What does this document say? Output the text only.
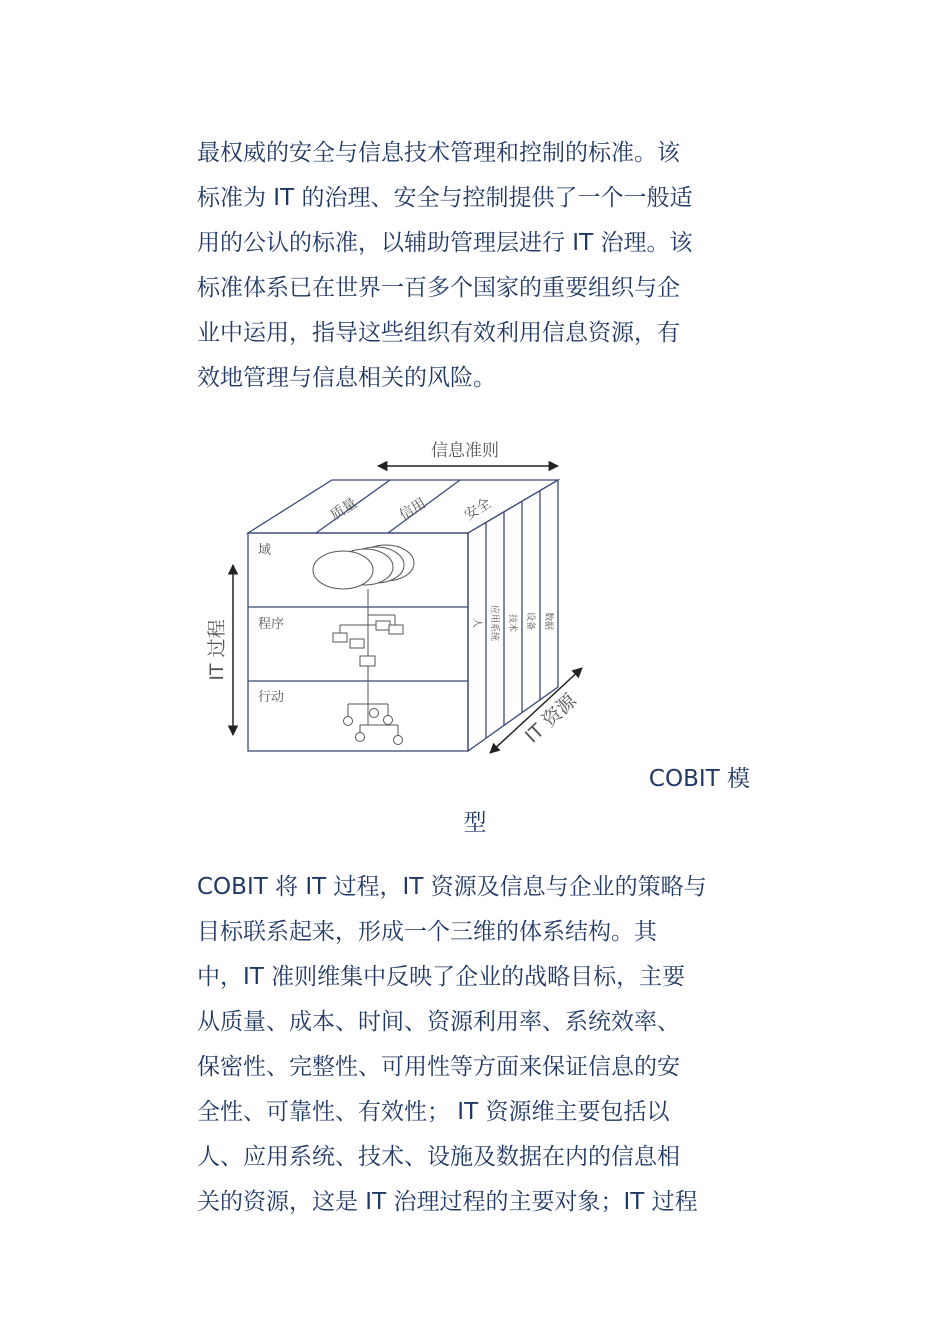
最权威的安全与信息技术管理和控制的标准。该
标准为 IT 的治理、安全与控制提供了一个一般适
用的公认的标准，以辅助管理层进行 IT 治理。该
标准体系已在世界一百多个国家的重要组织与企
业中运用，指导这些组织有效利用信息资源，有
效地管理与信息相关的风险。
信息准则
质量	信用 安全
域
程序
行动
IT 过程	人 应用系统 技术 设备 数据
IT 资源
COBIT 模
型
COBIT 将 IT 过程，IT 资源及信息与企业的策略与
目标联系起来，形成一个三维的体系结构。其
中，IT 准则维集中反映了企业的战略目标，主要
从质量、成本、时间、资源利用率、系统效率、
保密性、完整性、可用性等方面来保证信息的安
全性、可靠性、有效性； IT 资源维主要包括以
人、应用系统、技术、设施及数据在内的信息相
关的资源，这是 IT 治理过程的主要对象；IT 过程
